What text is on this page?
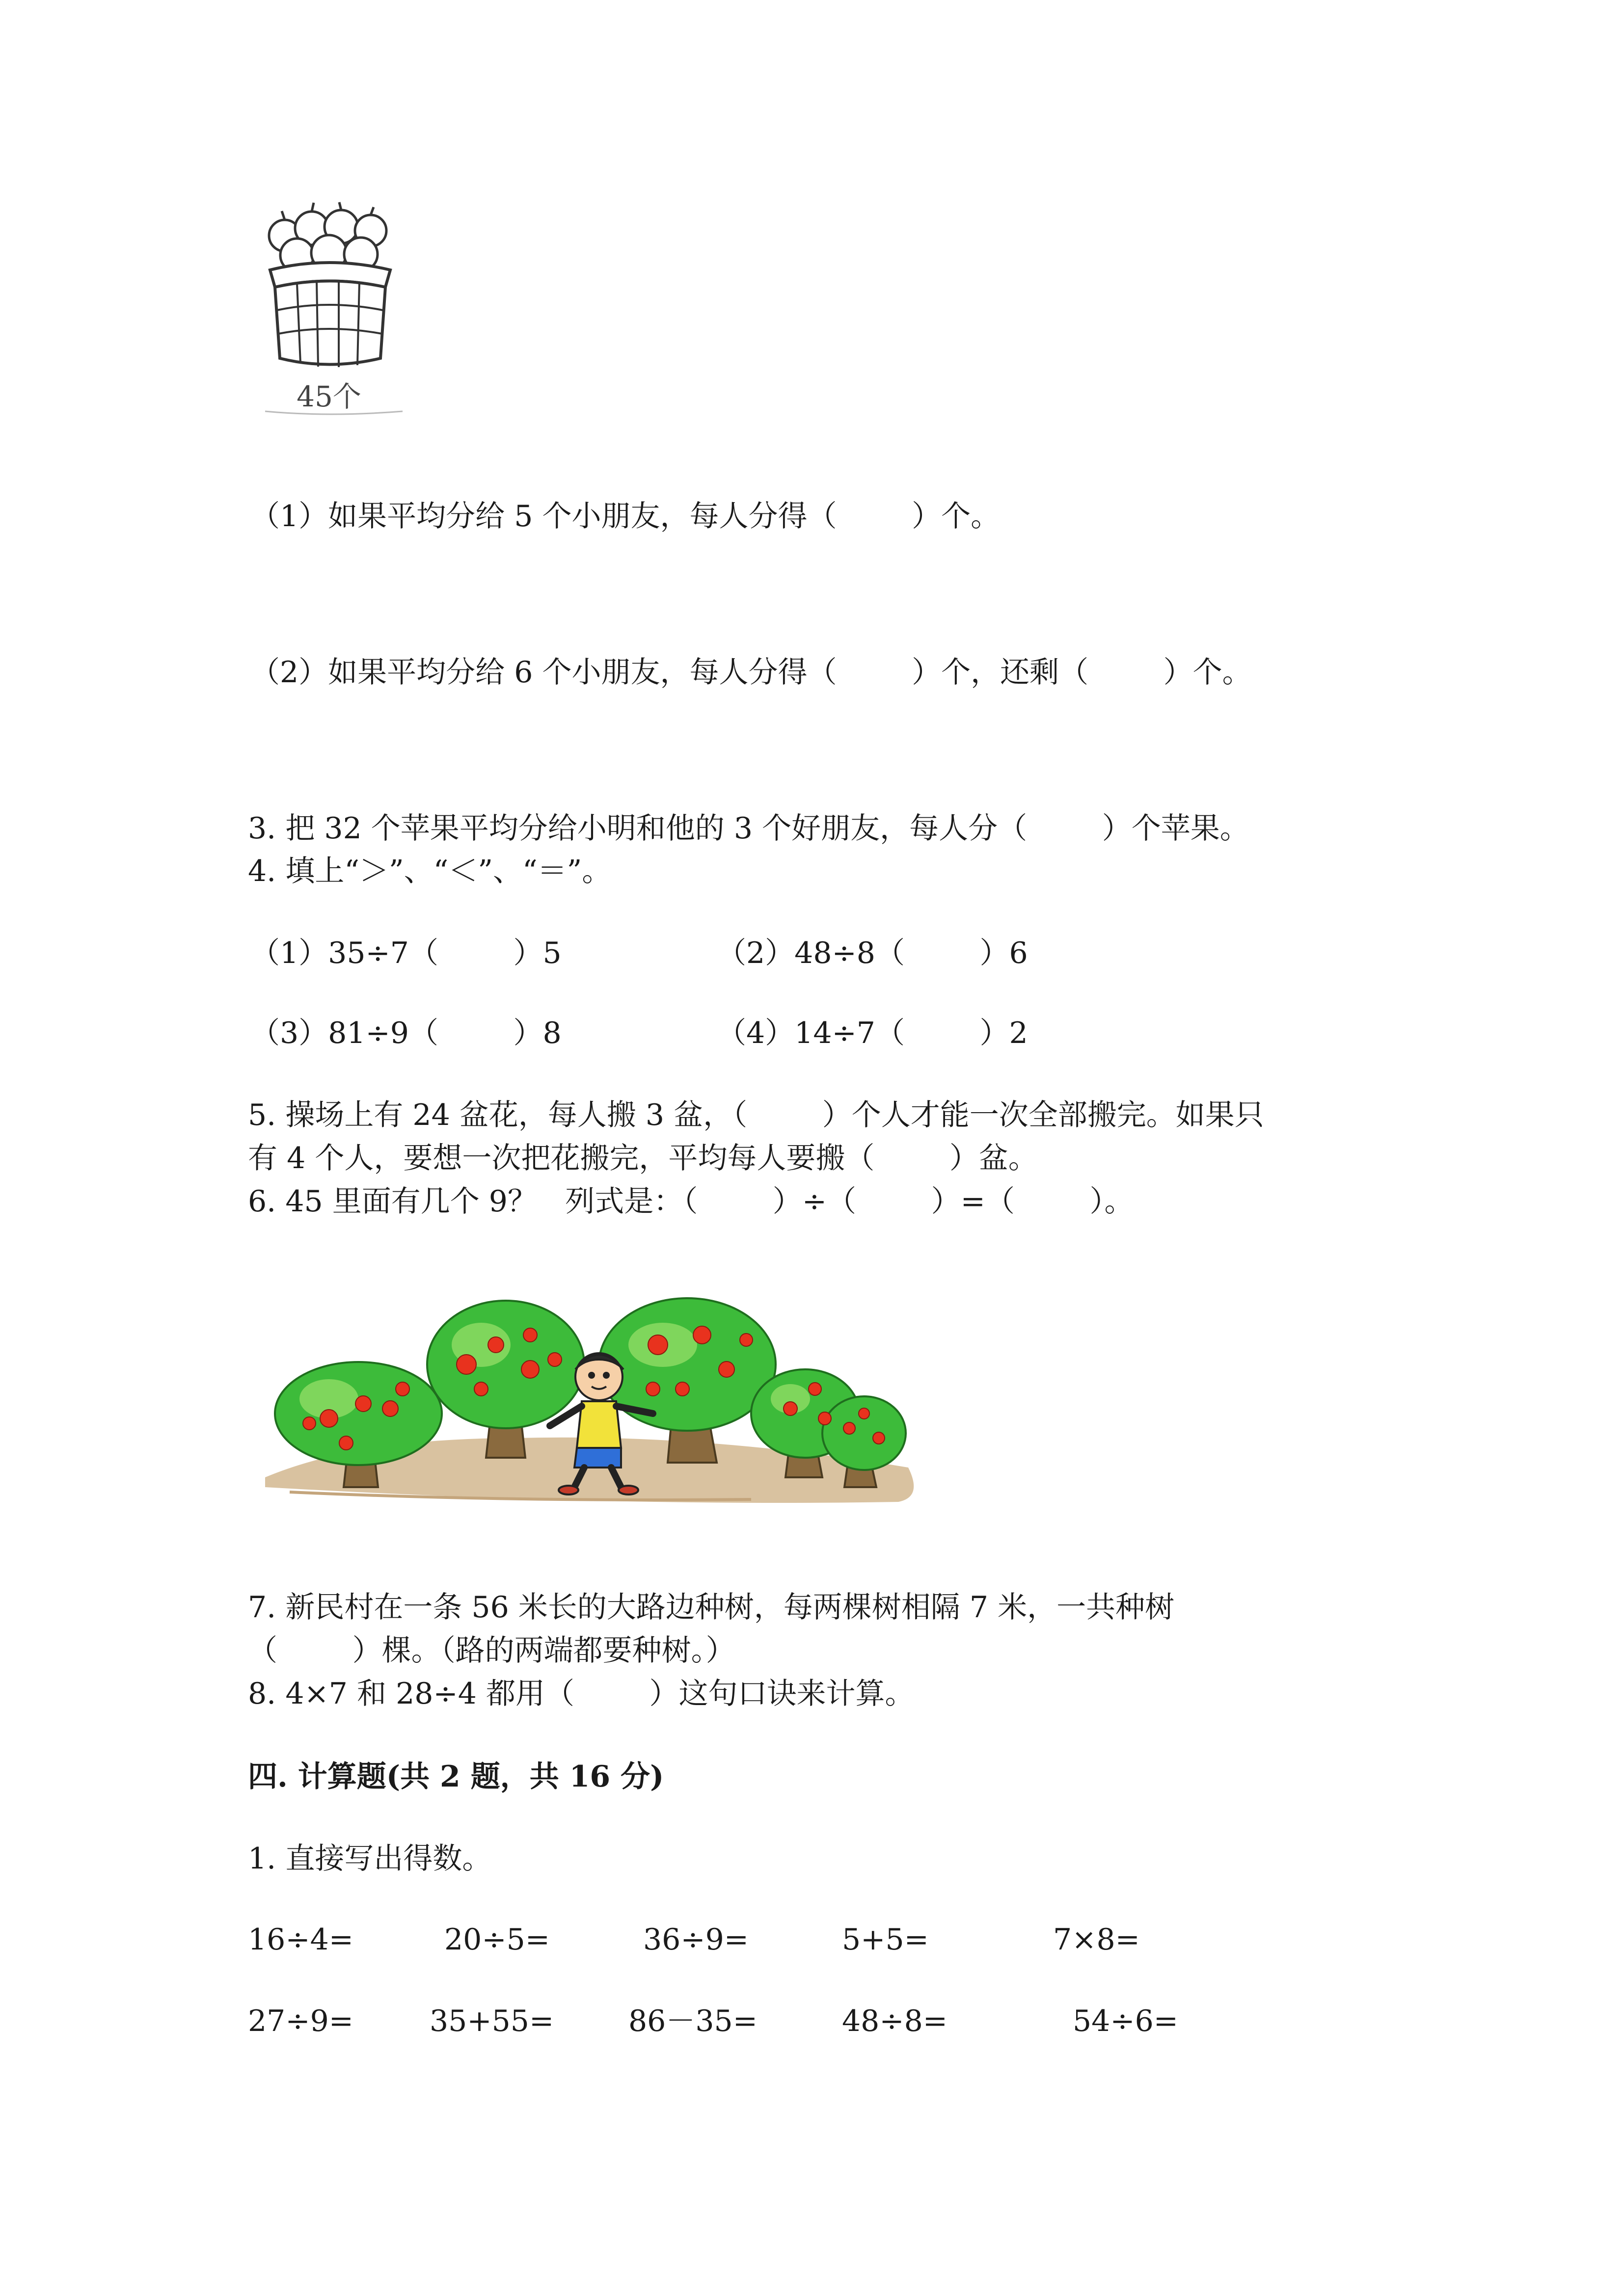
45个

（1）如果平均分给 5 个小朋友，每人分得（        ）个。

（2）如果平均分给 6 个小朋友，每人分得（        ）个，还剩（        ）个。

3. 把 32 个苹果平均分给小明和他的 3 个好朋友，每人分（        ）个苹果。

4. 填上“＞”、“＜”、“＝”。

（1）35÷7（        ）5	（2）48÷8（        ）6

（3）81÷9（        ）8	（4）14÷7（        ）2

5. 操场上有 24 盆花，每人搬 3 盆，（        ）个人才能一次全部搬完。如果只

有 4 个人，要想一次把花搬完，平均每人要搬（        ）盆。

6. 45 里面有几个 9？   列式是：（        ）÷（        ）=（        ）。

7. 新民村在一条 56 米长的大路边种树，每两棵树相隔 7 米，一共种树

（        ）棵。（路的两端都要种树。）

8. 4×7 和 28÷4 都用（        ）这句口诀来计算。

四. 计算题(共 2 题，共 16 分)

1. 直接写出得数。

16÷4=	20÷5=	36÷9=	5+5=	7×8=
27÷9=	35+55=	86－35=	48÷8=	54÷6=
